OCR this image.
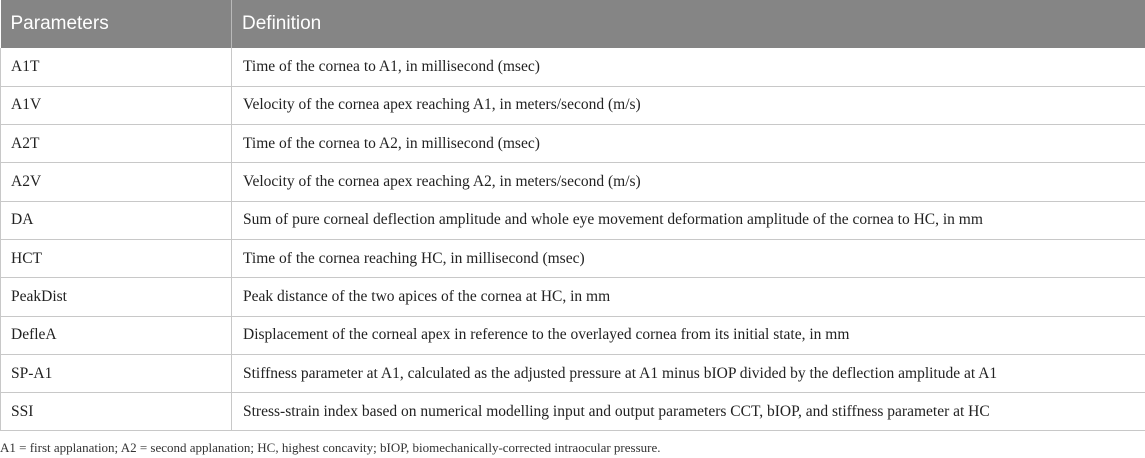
Parameters	Definition
A1T	Time of the cornea to A1, in millisecond (msec)
A1V	Velocity of the cornea apex reaching A1, in meters/second (m/s)
A2T	Time of the cornea to A2, in millisecond (msec)
A2V	Velocity of the cornea apex reaching A2, in meters/second (m/s)
DA	Sum of pure corneal deflection amplitude and whole eye movement deformation amplitude of the cornea to HC, in mm
HCT	Time of the cornea reaching HC, in millisecond (msec)
PeakDist	Peak distance of the two apices of the cornea at HC, in mm
DefleA	Displacement of the corneal apex in reference to the overlayed cornea from its initial state, in mm
SP-A1	Stiffness parameter at A1, calculated as the adjusted pressure at A1 minus bIOP divided by the deflection amplitude at A1
SSI	Stress-strain index based on numerical modelling input and output parameters CCT, bIOP, and stiffness parameter at HC
A1 = first applanation; A2 = second applanation; HC, highest concavity; bIOP, biomechanically-corrected intraocular pressure.
